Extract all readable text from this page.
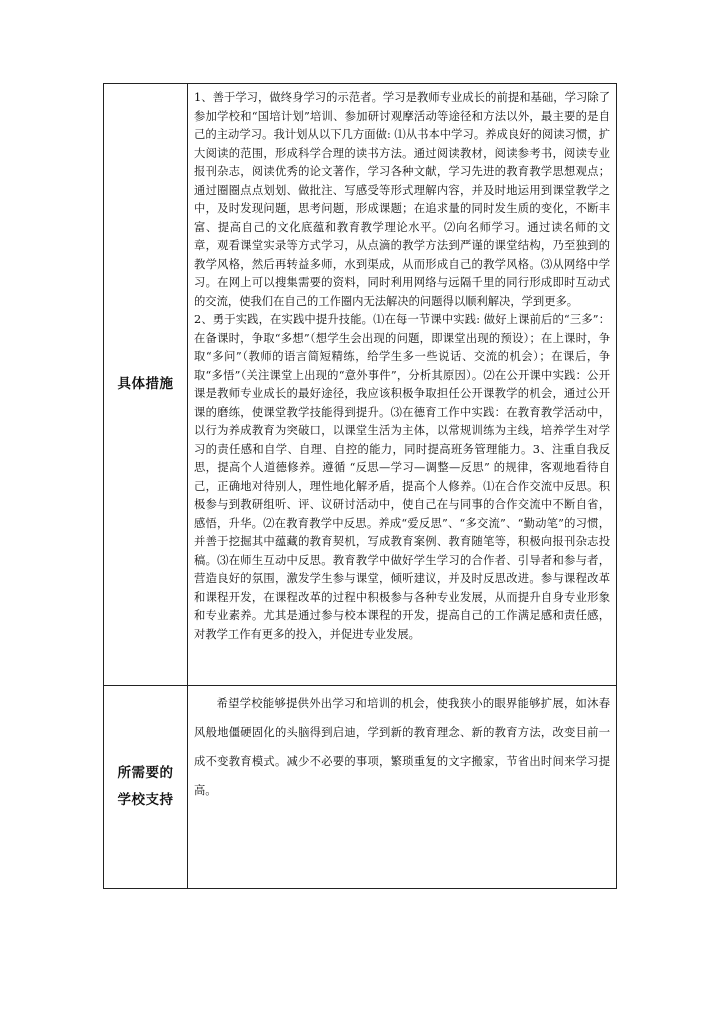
具体措施

1、善于学习，做终身学习的示范者。学习是教师专业成长的前提和基础，学习除了参加学校和“国培计划”培训、参加研讨观摩活动等途径和方法以外，最主要的是自己的主动学习。我计划从以下几方面做: ⑴从书本中学习。养成良好的阅读习惯，扩大阅读的范围，形成科学合理的读书方法。通过阅读教材，阅读参考书，阅读专业报刊杂志，阅读优秀的论文著作，学习各种文献，学习先进的教育教学思想观点；通过圈圈点点划划、做批注、写感受等形式理解内容，并及时地运用到课堂教学之中，及时发现问题，思考问题，形成课题；在追求量的同时发生质的变化，不断丰富、提高自己的文化底蕴和教育教学理论水平。⑵向名师学习。通过读名师的文章，观看课堂实录等方式学习，从点滴的教学方法到严谨的课堂结构，乃至独到的教学风格，然后再转益多师，水到渠成，从而形成自己的教学风格。⑶从网络中学习。在网上可以搜集需要的资料，同时利用网络与远隔千里的同行形成即时互动式的交流，使我们在自己的工作圈内无法解决的问题得以顺利解决，学到更多。

2、勇于实践，在实践中提升技能。⑴在每一节课中实践: 做好上课前后的“三多”：在备课时，争取“多想”（想学生会出现的问题，即课堂出现的预设）；在上课时，争取“多问”（教师的语言简短精练，给学生多一些说话、交流的机会）；在课后，争取“多悟”（关注课堂上出现的“意外事件”，分析其原因）。⑵在公开课中实践：公开课是教师专业成长的最好途径，我应该积极争取担任公开课教学的机会，通过公开课的磨练，使课堂教学技能得到提升。⑶在德育工作中实践：在教育教学活动中，以行为养成教育为突破口，以课堂生活为主体，以常规训练为主线，培养学生对学习的责任感和自学、自理、自控的能力，同时提高班务管理能力。3、注重自我反思，提高个人道德修养。遵循 “反思—学习—调整—反思” 的规律，客观地看待自己，正确地对待别人，理性地化解矛盾，提高个人修养。⑴在合作交流中反思。积极参与到教研组听、评、议研讨活动中，使自己在与同事的合作交流中不断自省，感悟，升华。⑵在教育教学中反思。养成“爱反思”、“多交流”、“勤动笔”的习惯，并善于挖掘其中蕴藏的教育契机，写成教育案例、教育随笔等，积极向报刊杂志投稿。⑶在师生互动中反思。教育教学中做好学生学习的合作者、引导者和参与者，营造良好的氛围，激发学生参与课堂，倾听建议，并及时反思改进。参与课程改革和课程开发，在课程改革的过程中积极参与各种专业发展，从而提升自身专业形象和专业素养。尤其是通过参与校本课程的开发，提高自己的工作满足感和责任感，对教学工作有更多的投入，并促进专业发展。

所需要的
学校支持
希望学校能够提供外出学习和培训的机会，使我狭小的眼界能够扩展，如沐春风般地僵硬固化的头脑得到启迪，学到新的教育理念、新的教育方法，改变目前一成不变教育模式。减少不必要的事项，繁琐重复的文字搬家，节省出时间来学习提高。
